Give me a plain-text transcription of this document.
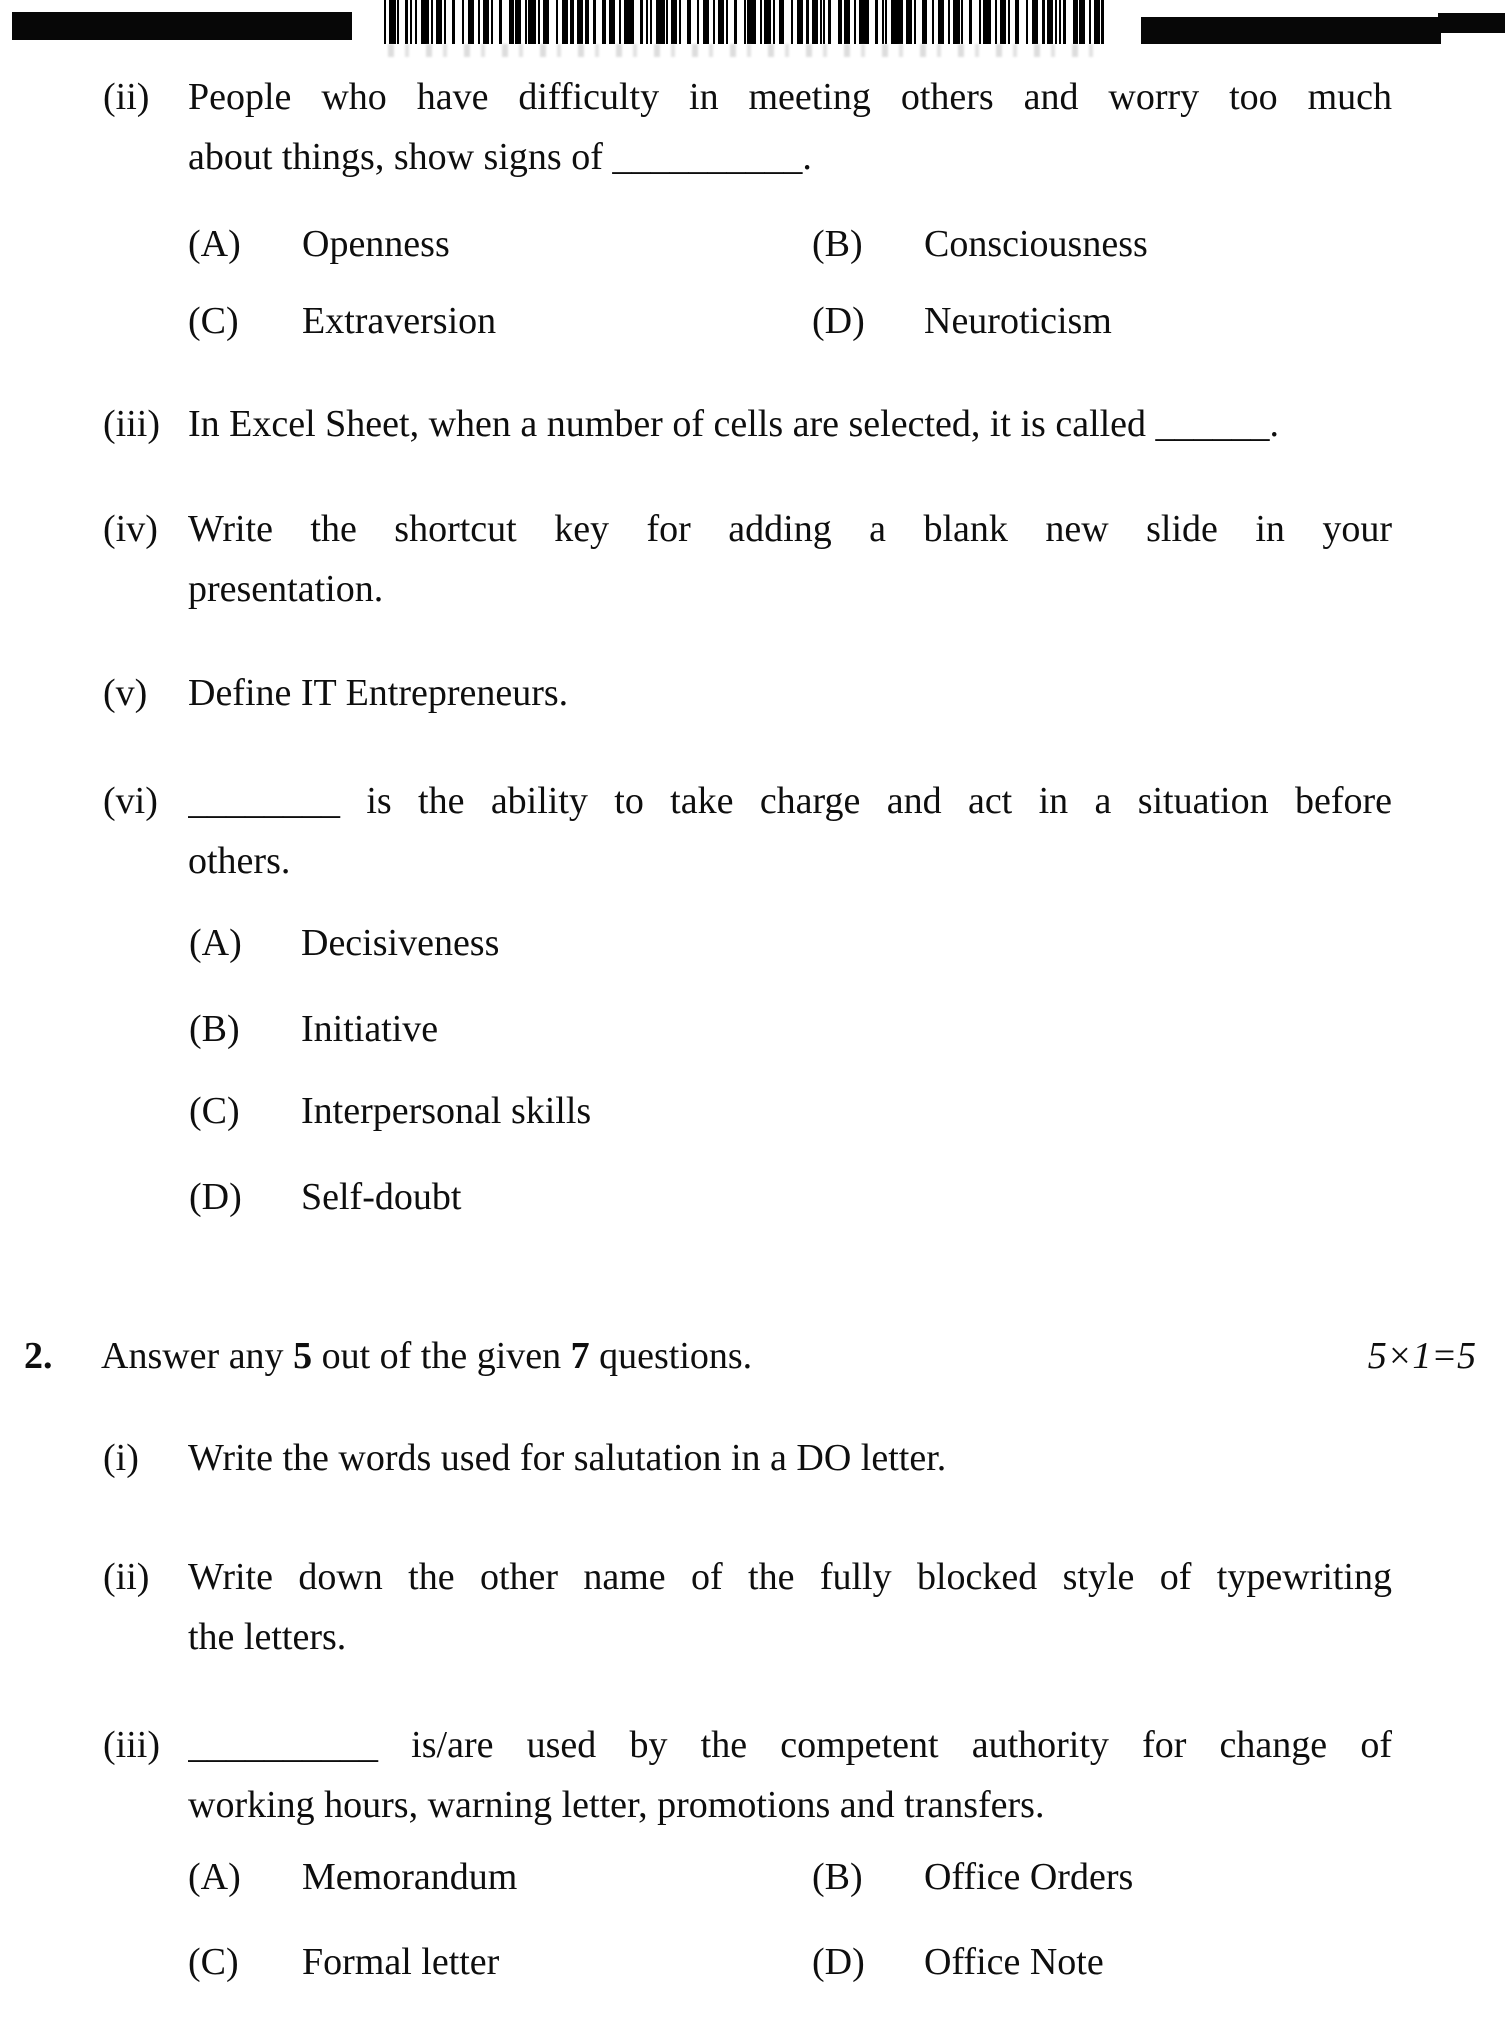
(ii) People who have difficulty in meeting others and worry too much
about things, show signs of __________.
(A) Openness	(B) Consciousness
(C) Extraversion	(D) Neuroticism
(iii) In Excel Sheet, when a number of cells are selected, it is called ______.
(iv) Write the shortcut key for adding a blank new slide in your
presentation.
(v) Define IT Entrepreneurs.
(vi) ________ is the ability to take charge and act in a situation before
others.
(A) Decisiveness
(B) Initiative
(C) Interpersonal skills
(D) Self-doubt
2. Answer any 5 out of the given 7 questions.	5×1=5
(i) Write the words used for salutation in a DO letter.
(ii) Write down the other name of the fully blocked style of typewriting
the letters.
(iii) __________ is/are used by the competent authority for change of
working hours, warning letter, promotions and transfers.
(A) Memorandum	(B) Office Orders
(C) Formal letter	(D) Office Note
